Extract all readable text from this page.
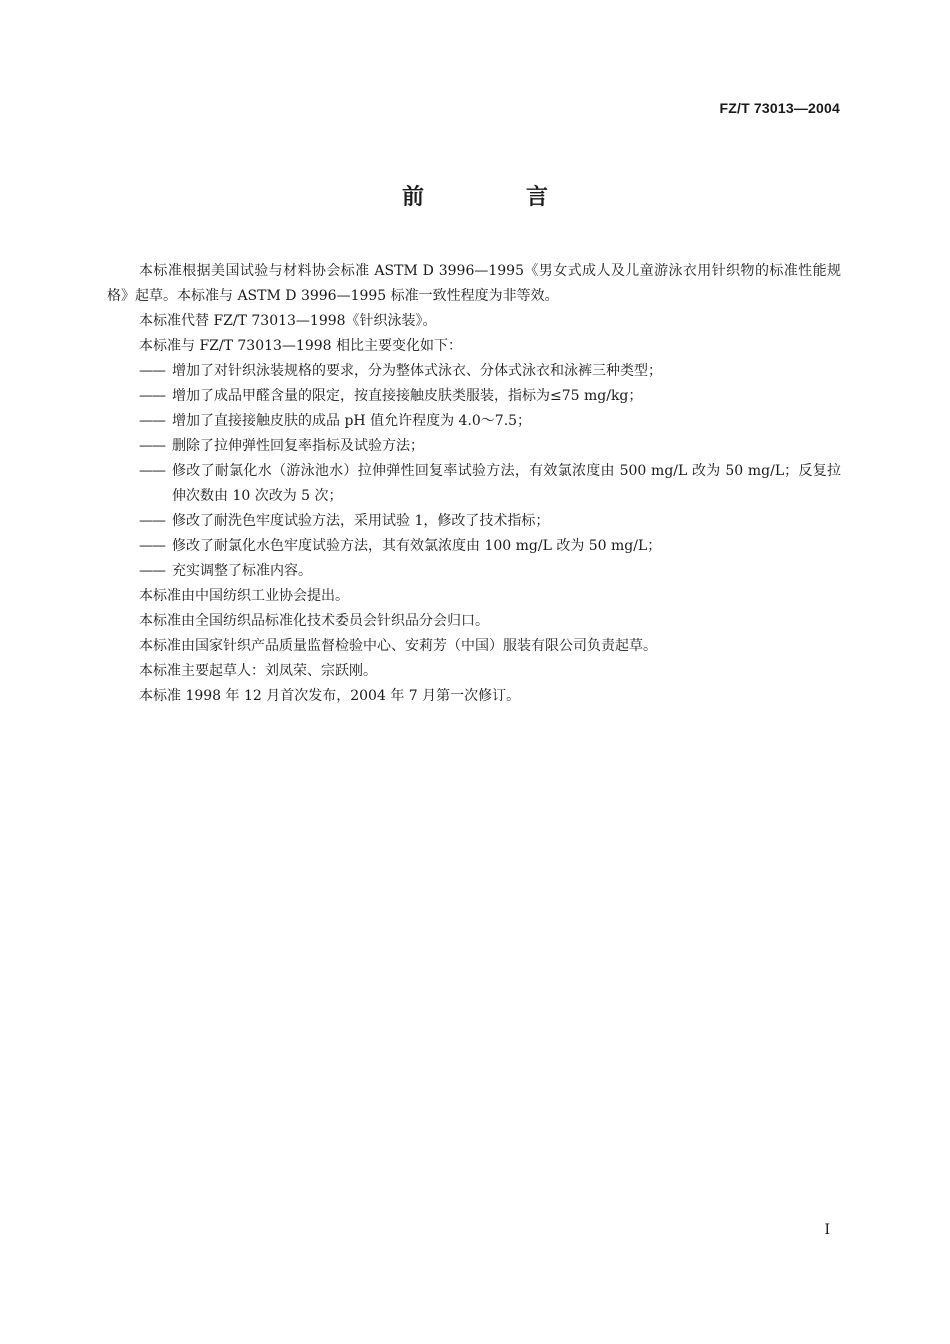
FZ/T 73013—2004
前　言

本标准根据美国试验与材料协会标准 ASTM D 3996—1995《男女式成人及儿童游泳衣用针织物的标准性能规格》起草。本标准与 ASTM D 3996—1995 标准一致性程度为非等效。

本标准代替 FZ/T 73013—1998《针织泳装》。

本标准与 FZ/T 73013—1998 相比主要变化如下：

—— 增加了对针织泳装规格的要求，分为整体式泳衣、分体式泳衣和泳裤三种类型；
—— 增加了成品甲醛含量的限定，按直接接触皮肤类服装，指标为≤75 mg/kg；
—— 增加了直接接触皮肤的成品 pH 值允许程度为 4.0～7.5；
—— 删除了拉伸弹性回复率指标及试验方法；
—— 修改了耐氯化水（游泳池水）拉伸弹性回复率试验方法，有效氯浓度由 500 mg/L 改为 50 mg/L；反复拉伸次数由 10 次改为 5 次；
—— 修改了耐洗色牢度试验方法，采用试验 1，修改了技术指标；
—— 修改了耐氯化水色牢度试验方法，其有效氯浓度由 100 mg/L 改为 50 mg/L；
—— 充实调整了标准内容。

本标准由中国纺织工业协会提出。

本标准由全国纺织品标准化技术委员会针织品分会归口。

本标准由国家针织产品质量监督检验中心、安莉芳（中国）服装有限公司负责起草。

本标准主要起草人：刘凤荣、宗跃刚。

本标准 1998 年 12 月首次发布，2004 年 7 月第一次修订。

I
